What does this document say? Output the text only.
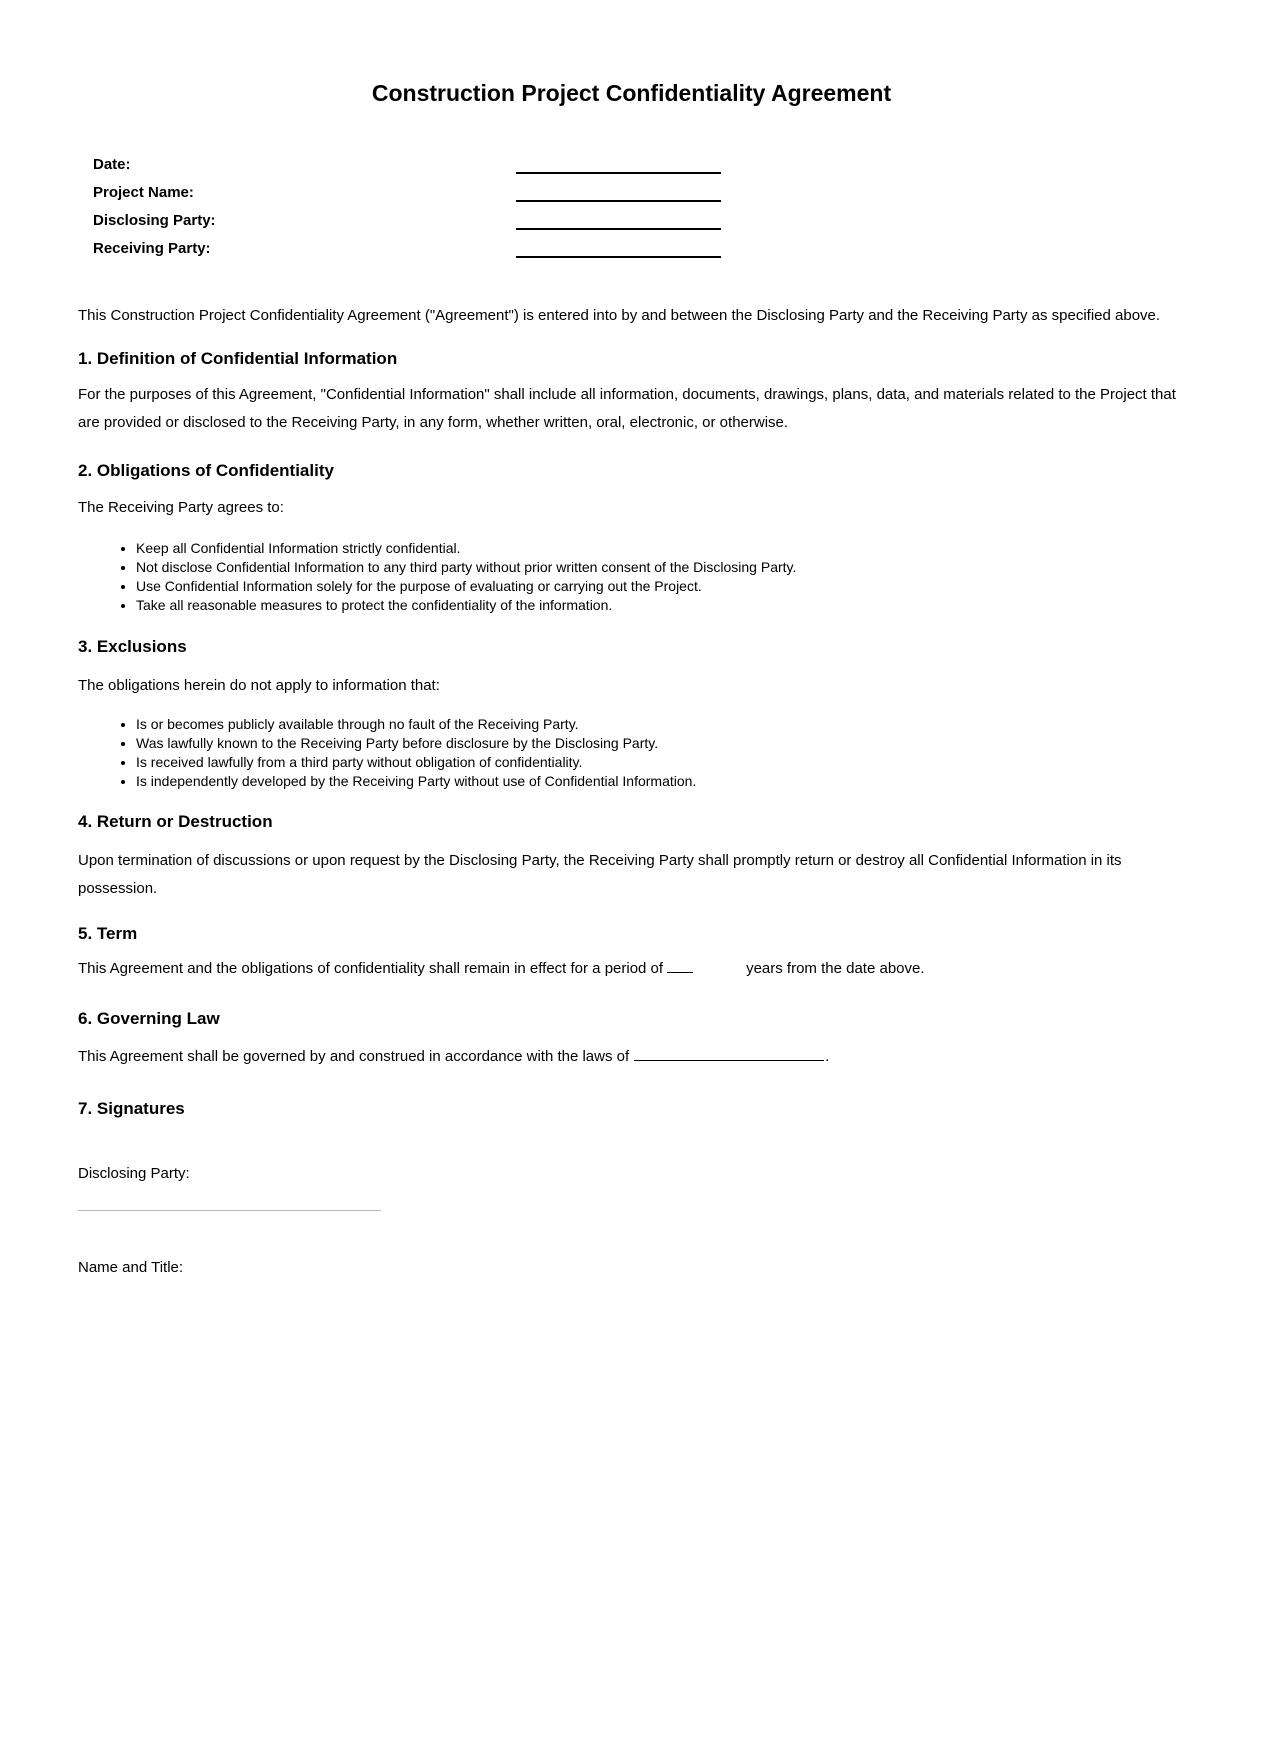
Construction Project Confidentiality Agreement
Date:
Project Name:
Disclosing Party:
Receiving Party:

This Construction Project Confidentiality Agreement ("Agreement") is entered into by and between the Disclosing Party and the Receiving Party as specified above.

1. Definition of Confidential Information

For the purposes of this Agreement, "Confidential Information" shall include all information, documents, drawings, plans, data, and materials related to the Project that are provided or disclosed to the Receiving Party, in any form, whether written, oral, electronic, or otherwise.

2. Obligations of Confidentiality

The Receiving Party agrees to:

• Keep all Confidential Information strictly confidential.
• Not disclose Confidential Information to any third party without prior written consent of the Disclosing Party.
• Use Confidential Information solely for the purpose of evaluating or carrying out the Project.
• Take all reasonable measures to protect the confidentiality of the information.
3. Exclusions

The obligations herein do not apply to information that:

• Is or becomes publicly available through no fault of the Receiving Party.
• Was lawfully known to the Receiving Party before disclosure by the Disclosing Party.
• Is received lawfully from a third party without obligation of confidentiality.
• Is independently developed by the Receiving Party without use of Confidential Information.
4. Return or Destruction

Upon termination of discussions or upon request by the Disclosing Party, the Receiving Party shall promptly return or destroy all Confidential Information in its possession.

5. Term

This Agreement and the obligations of confidentiality shall remain in effect for a period of	years from the date above.

6. Governing Law

This Agreement shall be governed by and construed in accordance with the laws of	.

7. Signatures

Disclosing Party:

Name and Title:
